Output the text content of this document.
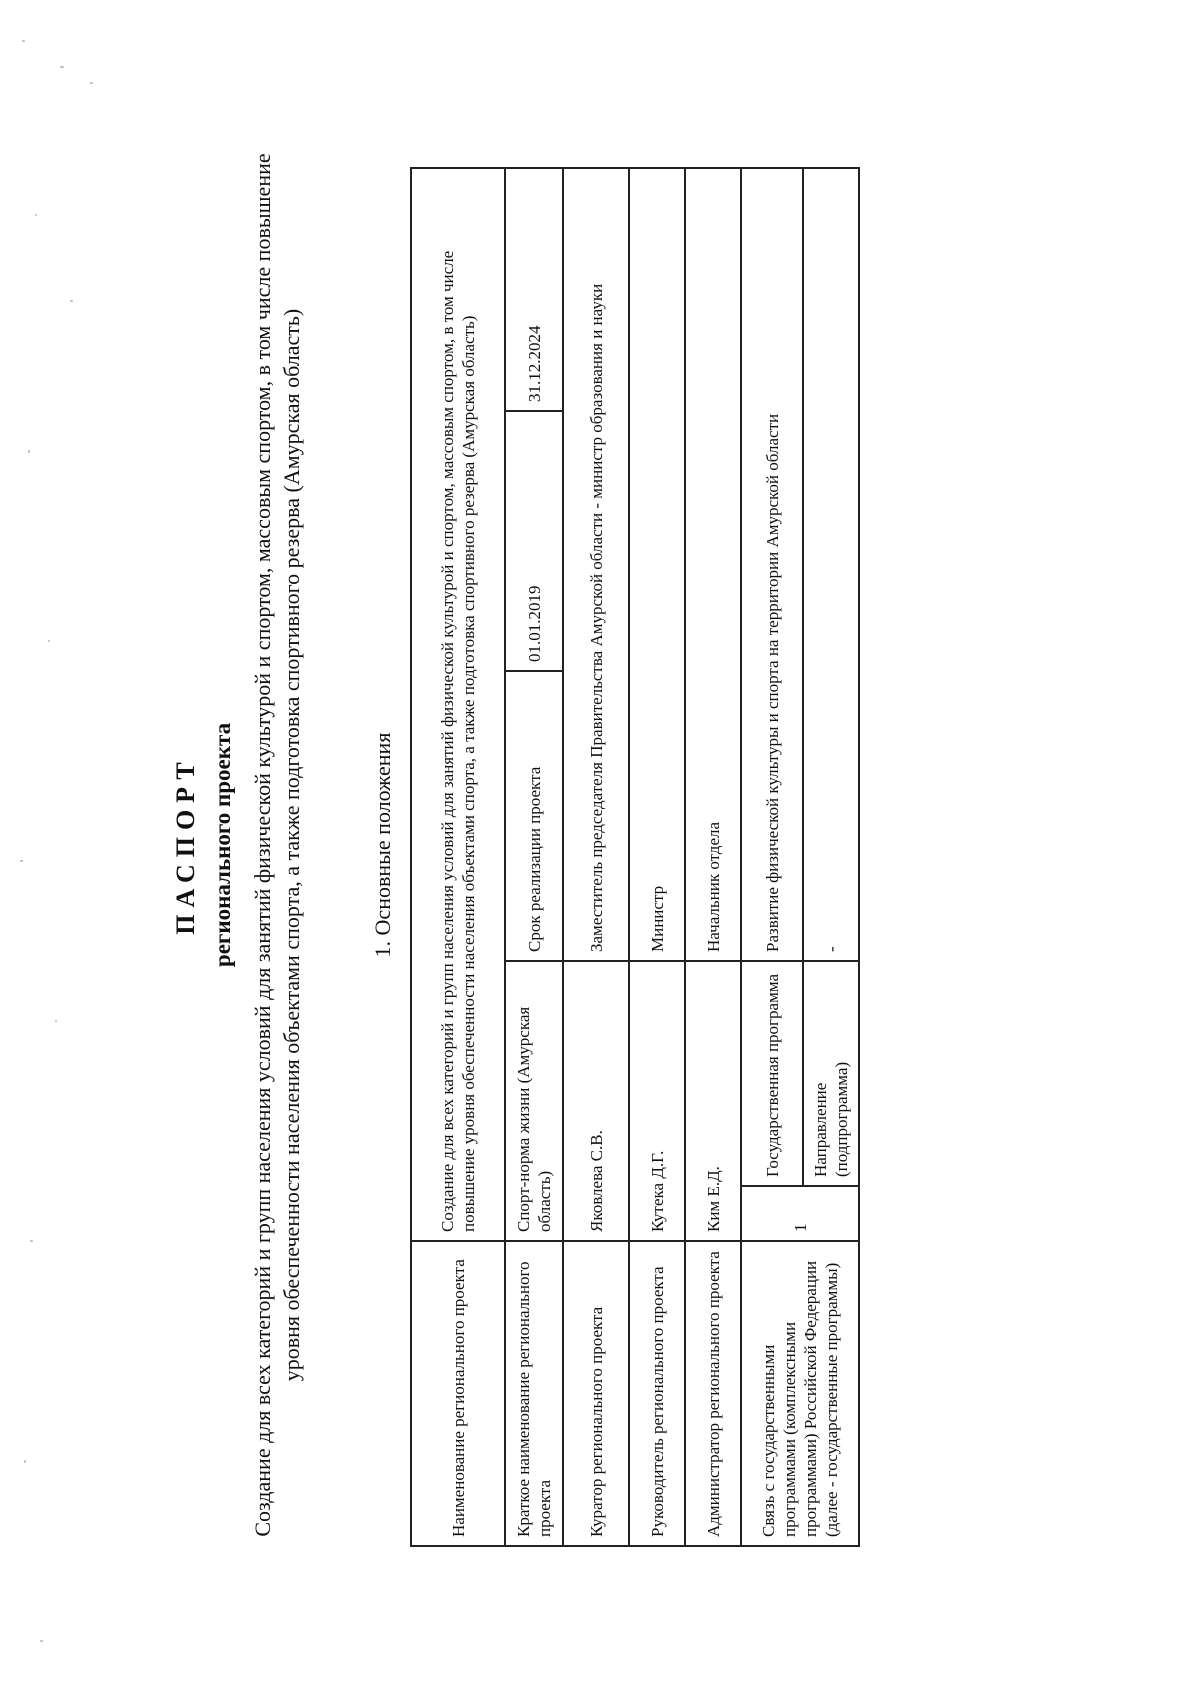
ПАСПОРТ регионального проекта Создание для всех категорий и групп населения условий для занятий физической культурой и спортом, массовым спортом, в том числе повышение уровня обеспеченности населения объектами спорта, а также подготовка спортивного резерва (Амурская область)	1. Основные положения
Наименование регионального проекта	Создание для всех категорий и групп населения условий для занятий физической культурой и спортом, массовым спортом, в том числе повышение уровня обеспеченности населения объектами спорта, а также подготовка спортивного резерва (Амурская область)				
Краткое наименование регионального проекта	Спорт-норма жизни (Амурская область)		Срок реализации проекта	01.01.2019	31.12.2024
Куратор регионального проекта	Яковлева С.В.		Заместитель председателя Правительства Амурской области - министр образования и науки		
Руководитель регионального проекта	Кутека Д.Г.		Министр		
Администратор регионального проекта	Ким Е.Д.		Начальник отдела		
Связь с государственными программами (комплексными программами) Российской Федерации (далее - государственные программы)	1	Государственная программа	Развитие физической культуры и спорта на территории Амурской области		
		Направление (подпрограмма)	-		
